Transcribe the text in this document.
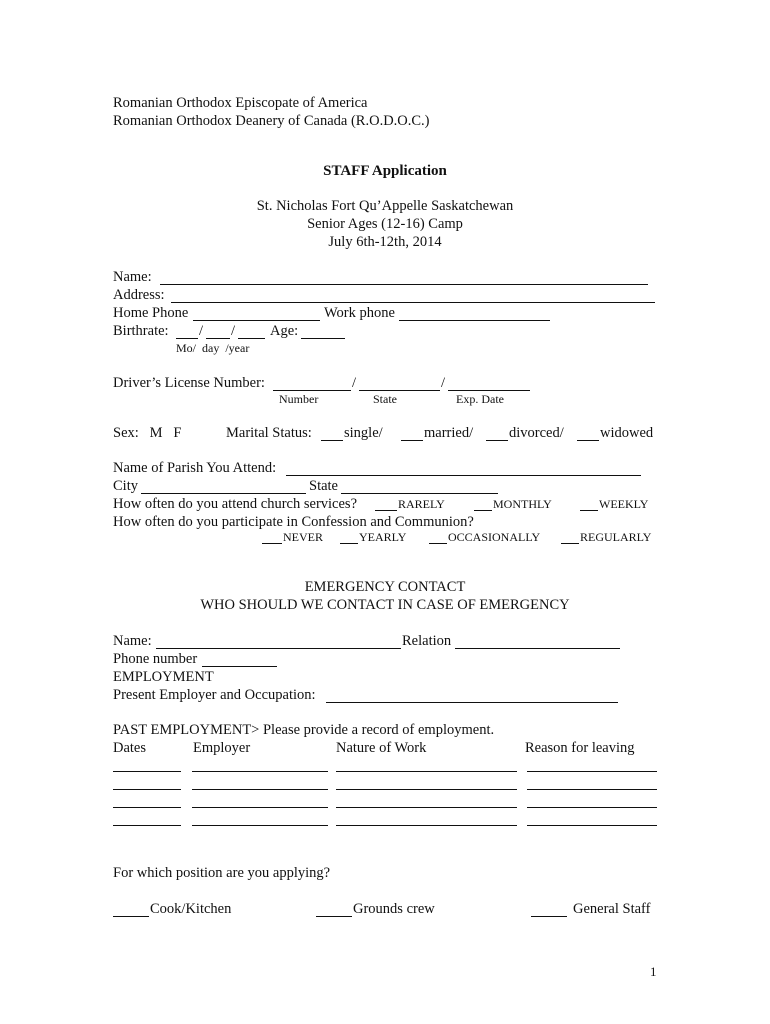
Romanian Orthodox Episcopate of America
Romanian Orthodox Deanery of Canada (R.O.D.O.C.)
STAFF Application
St. Nicholas Fort Qu’Appelle Saskatchewan
Senior Ages (12-16) Camp
July 6th-12th, 2014
Name:
Address:
Home Phone	Work phone
Birthrate: / / Age:
Mo/  day  /year
Driver’s License Number:	/	/
Number	State	Exp. Date
Sex:   M   F	Marital Status: single/	married/ divorced/ widowed
Name of Parish You Attend:
City	State
How often do you attend church services?	RARELY	MONTHLY	WEEKLY
How often do you participate in Confession and Communion?
NEVER	YEARLY	OCCASIONALLY	REGULARLY
EMERGENCY CONTACT
WHO SHOULD WE CONTACT IN CASE OF EMERGENCY
Name:	Relation
Phone number
EMPLOYMENT
Present Employer and Occupation:
PAST EMPLOYMENT> Please provide a record of employment.
Dates	Employer	Nature of Work	Reason for leaving
For which position are you applying?
Cook/Kitchen	Grounds crew	General Staff
1
